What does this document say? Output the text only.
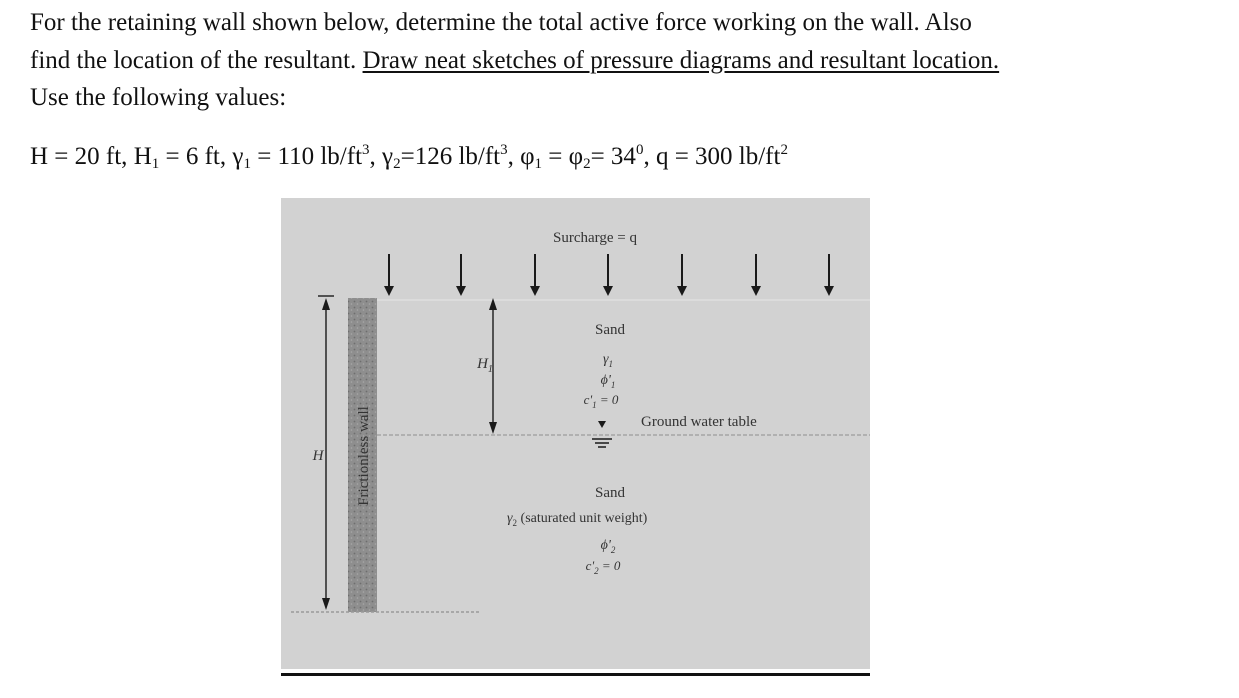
For the retaining wall shown below, determine the total active force working on the wall. Also
find the location of the resultant. Draw neat sketches of pressure diagrams and resultant location.
Use the following values:
H = 20 ft, $H_1 = 6$ ft, $\gamma_1 = 110$ $lb/ft^3$, $\gamma_2=126$ $lb/ft^3$, $\varphi_1 = \varphi_2= 34^0$, q = 300 $lb/ft^2$
Surcharge = q
Frictionless wall
H
$H_1$
Sand
$\gamma_1$
$\phi'_1$
$c'_1 = 0$
Ground water table
Sand
$\gamma_2$ (saturated unit weight)
$\phi'_2$
$c'_2 = 0$
